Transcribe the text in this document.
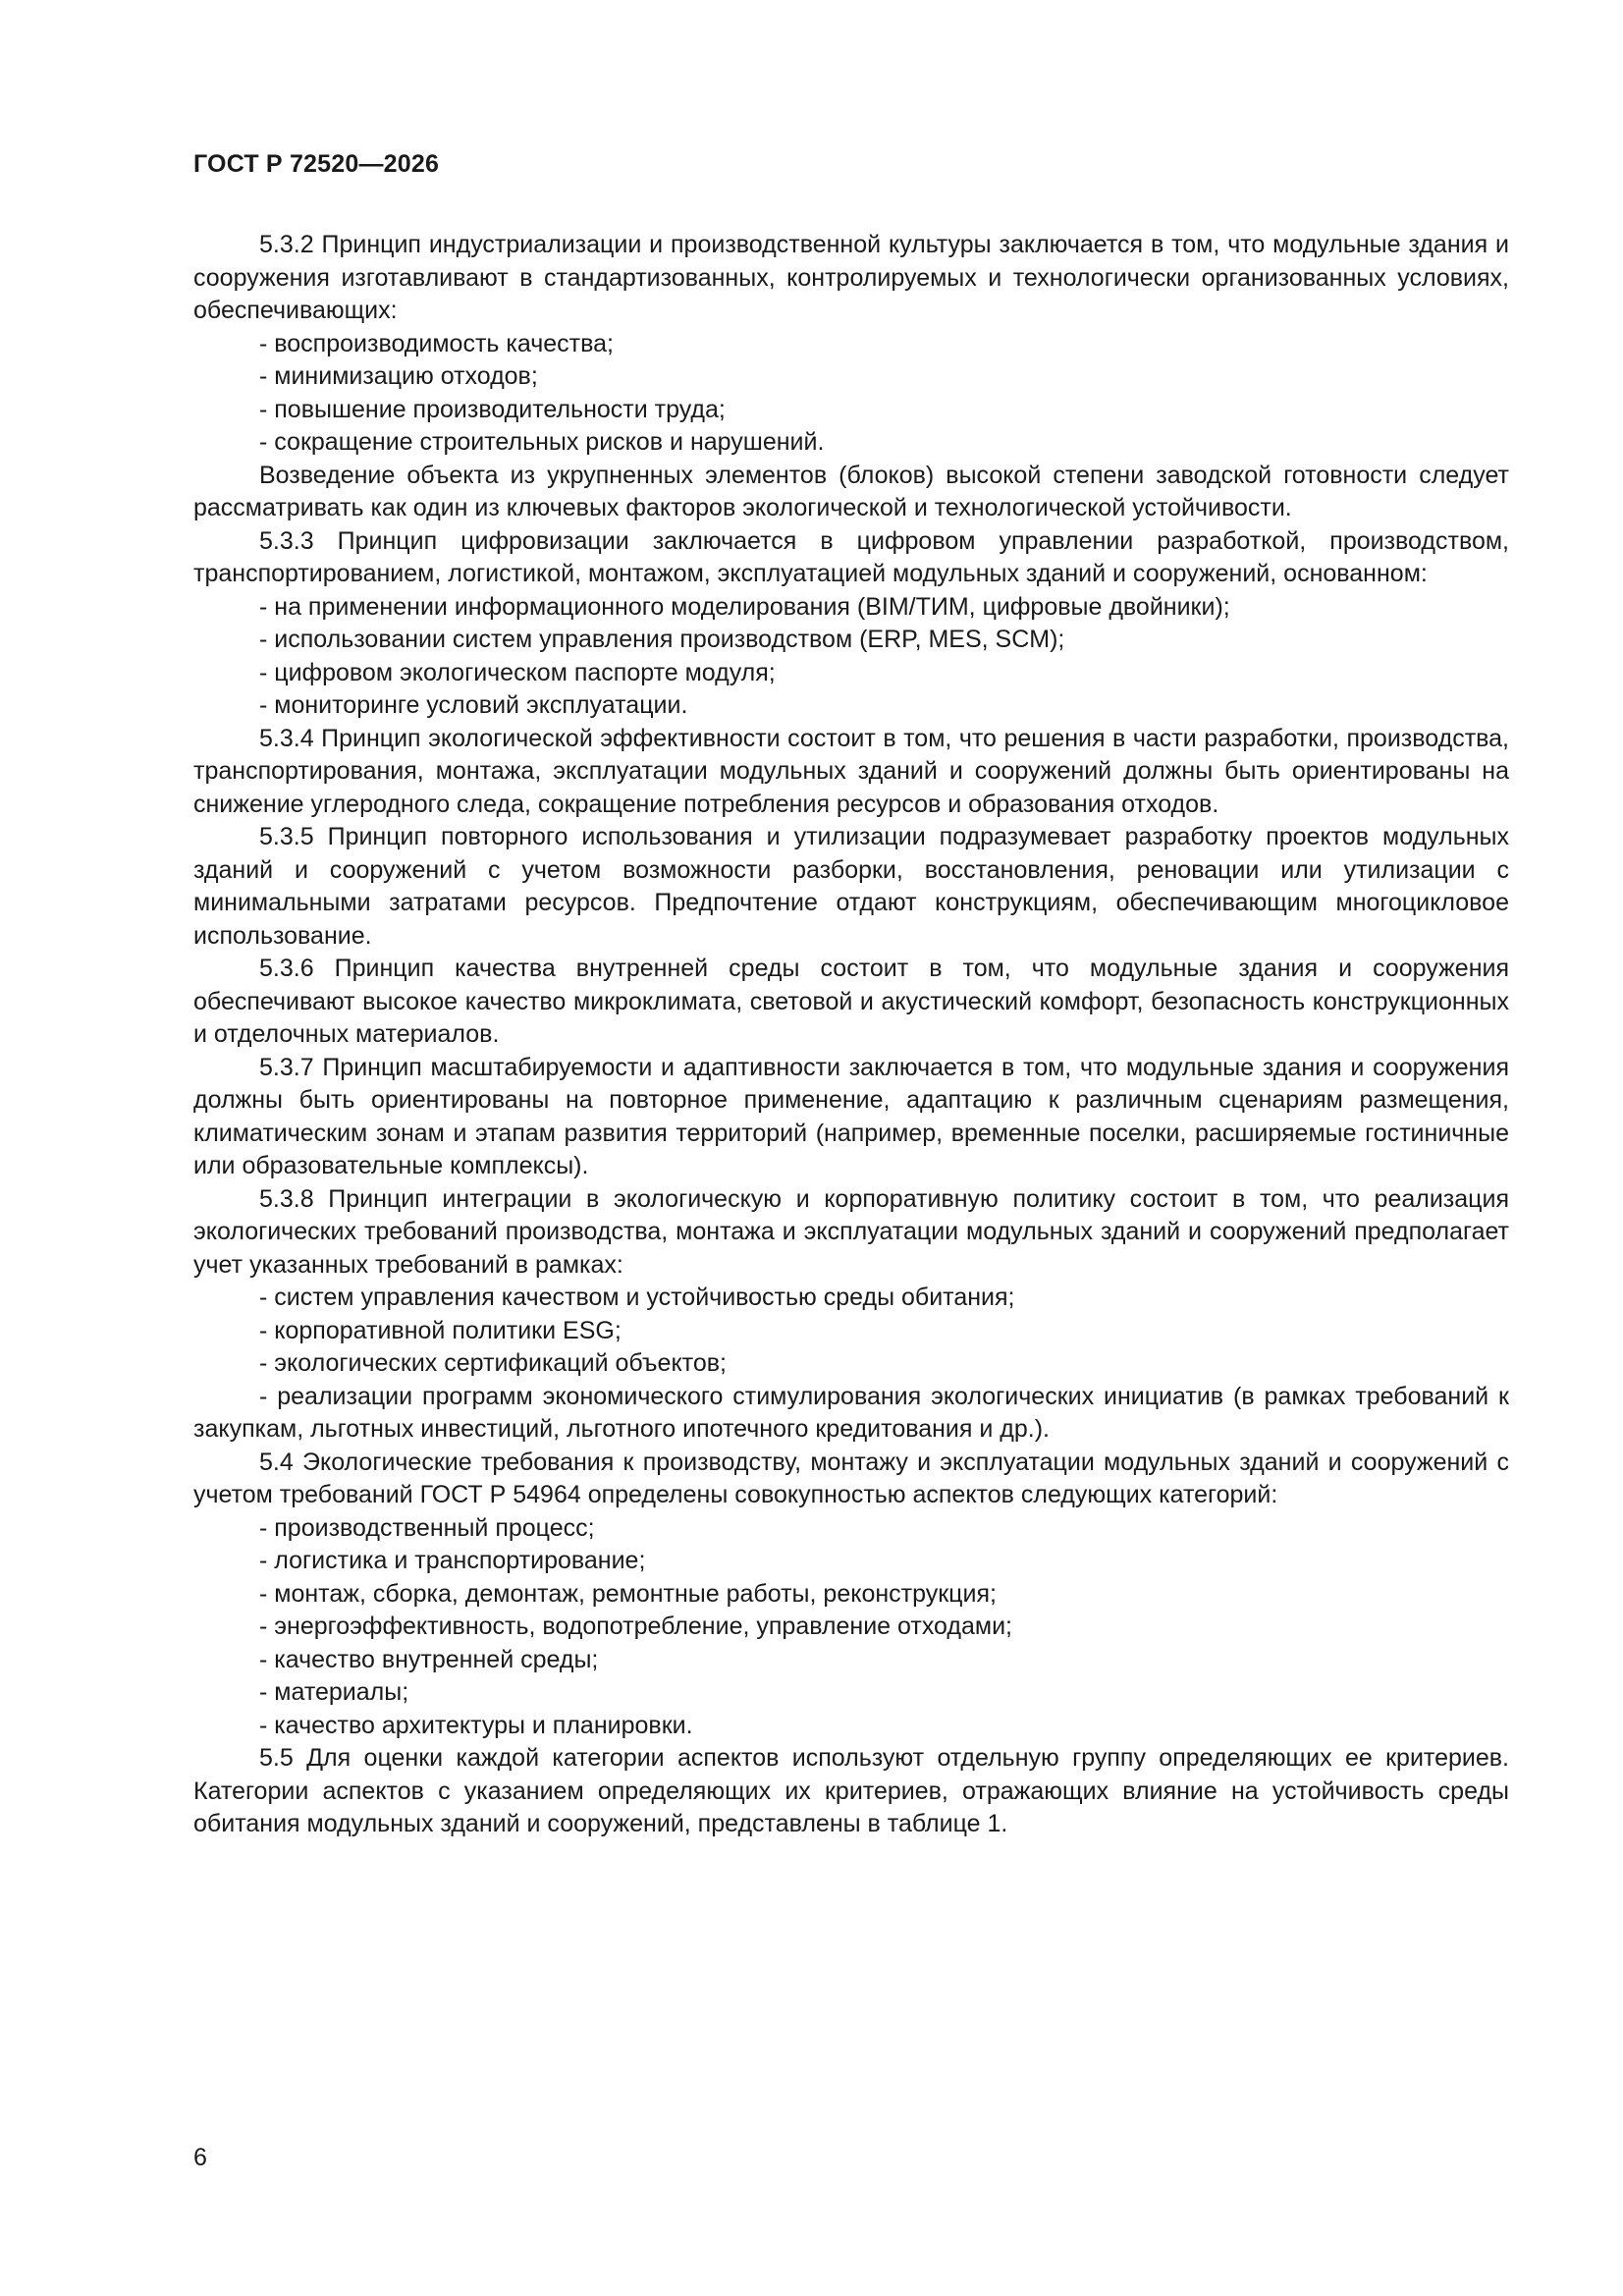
ГОСТ Р 72520—2026

5.3.2 Принцип индустриализации и производственной культуры заключается в том, что модульные здания и сооружения изготавливают в стандартизованных, контролируемых и технологически организованных условиях, обеспечивающих:

- воспроизводимость качества;
- минимизацию отходов;
- повышение производительности труда;
- сокращение строительных рисков и нарушений.

Возведение объекта из укрупненных элементов (блоков) высокой степени заводской готовности следует рассматривать как один из ключевых факторов экологической и технологической устойчивости.

5.3.3 Принцип цифровизации заключается в цифровом управлении разработкой, производством, транспортированием, логистикой, монтажом, эксплуатацией модульных зданий и сооружений, основанном:

- на применении информационного моделирования (BIM/ТИМ, цифровые двойники);
- использовании систем управления производством (ERP, MES, SCM);
- цифровом экологическом паспорте модуля;
- мониторинге условий эксплуатации.

5.3.4 Принцип экологической эффективности состоит в том, что решения в части разработки, производства, транспортирования, монтажа, эксплуатации модульных зданий и сооружений должны быть ориентированы на снижение углеродного следа, сокращение потребления ресурсов и образования отходов.

5.3.5 Принцип повторного использования и утилизации подразумевает разработку проектов модульных зданий и сооружений с учетом возможности разборки, восстановления, реновации или утилизации с минимальными затратами ресурсов. Предпочтение отдают конструкциям, обеспечивающим многоцикловое использование.

5.3.6 Принцип качества внутренней среды состоит в том, что модульные здания и сооружения обеспечивают высокое качество микроклимата, световой и акустический комфорт, безопасность конструкционных и отделочных материалов.

5.3.7 Принцип масштабируемости и адаптивности заключается в том, что модульные здания и сооружения должны быть ориентированы на повторное применение, адаптацию к различным сценариям размещения, климатическим зонам и этапам развития территорий (например, временные поселки, расширяемые гостиничные или образовательные комплексы).

5.3.8 Принцип интеграции в экологическую и корпоративную политику состоит в том, что реализация экологических требований производства, монтажа и эксплуатации модульных зданий и сооружений предполагает учет указанных требований в рамках:

- систем управления качеством и устойчивостью среды обитания;
- корпоративной политики ESG;
- экологических сертификаций объектов;
- реализации программ экономического стимулирования экологических инициатив (в рамках требований к закупкам, льготных инвестиций, льготного ипотечного кредитования и др.).

5.4 Экологические требования к производству, монтажу и эксплуатации модульных зданий и сооружений с учетом требований ГОСТ Р 54964 определены совокупностью аспектов следующих категорий:

- производственный процесс;
- логистика и транспортирование;
- монтаж, сборка, демонтаж, ремонтные работы, реконструкция;
- энергоэффективность, водопотребление, управление отходами;
- качество внутренней среды;
- материалы;
- качество архитектуры и планировки.

5.5 Для оценки каждой категории аспектов используют отдельную группу определяющих ее критериев. Категории аспектов с указанием определяющих их критериев, отражающих влияние на устойчивость среды обитания модульных зданий и сооружений, представлены в таблице 1.

6
